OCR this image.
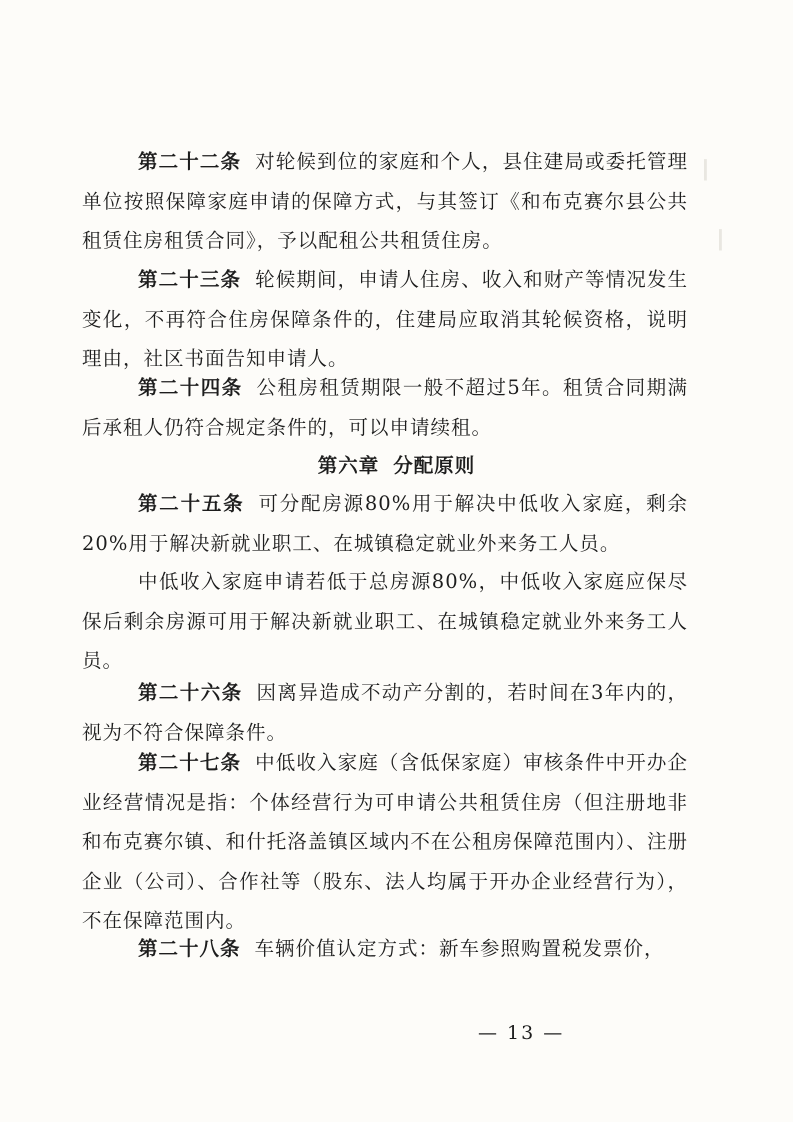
┃
┃

第二十二条 对轮候到位的家庭和个人，县住建局或委托管理单位按照保障家庭申请的保障方式，与其签订《和布克赛尔县公共租赁住房租赁合同》，予以配租公共租赁住房。

第二十三条 轮候期间，申请人住房、收入和财产等情况发生变化，不再符合住房保障条件的，住建局应取消其轮候资格，说明理由，社区书面告知申请人。

第二十四条 公租房租赁期限一般不超过5年。租赁合同期满后承租人仍符合规定条件的，可以申请续租。

第六章 分配原则

第二十五条 可分配房源80%用于解决中低收入家庭，剩余20%用于解决新就业职工、在城镇稳定就业外来务工人员。

中低收入家庭申请若低于总房源80%，中低收入家庭应保尽保后剩余房源可用于解决新就业职工、在城镇稳定就业外来务工人员。

第二十六条 因离异造成不动产分割的，若时间在3年内的，视为不符合保障条件。

第二十七条 中低收入家庭（含低保家庭）审核条件中开办企业经营情况是指：个体经营行为可申请公共租赁住房（但注册地非和布克赛尔镇、和什托洛盖镇区域内不在公租房保障范围内）、注册企业（公司）、合作社等（股东、法人均属于开办企业经营行为），不在保障范围内。

第二十八条 车辆价值认定方式：新车参照购置税发票价，

— 13 —
